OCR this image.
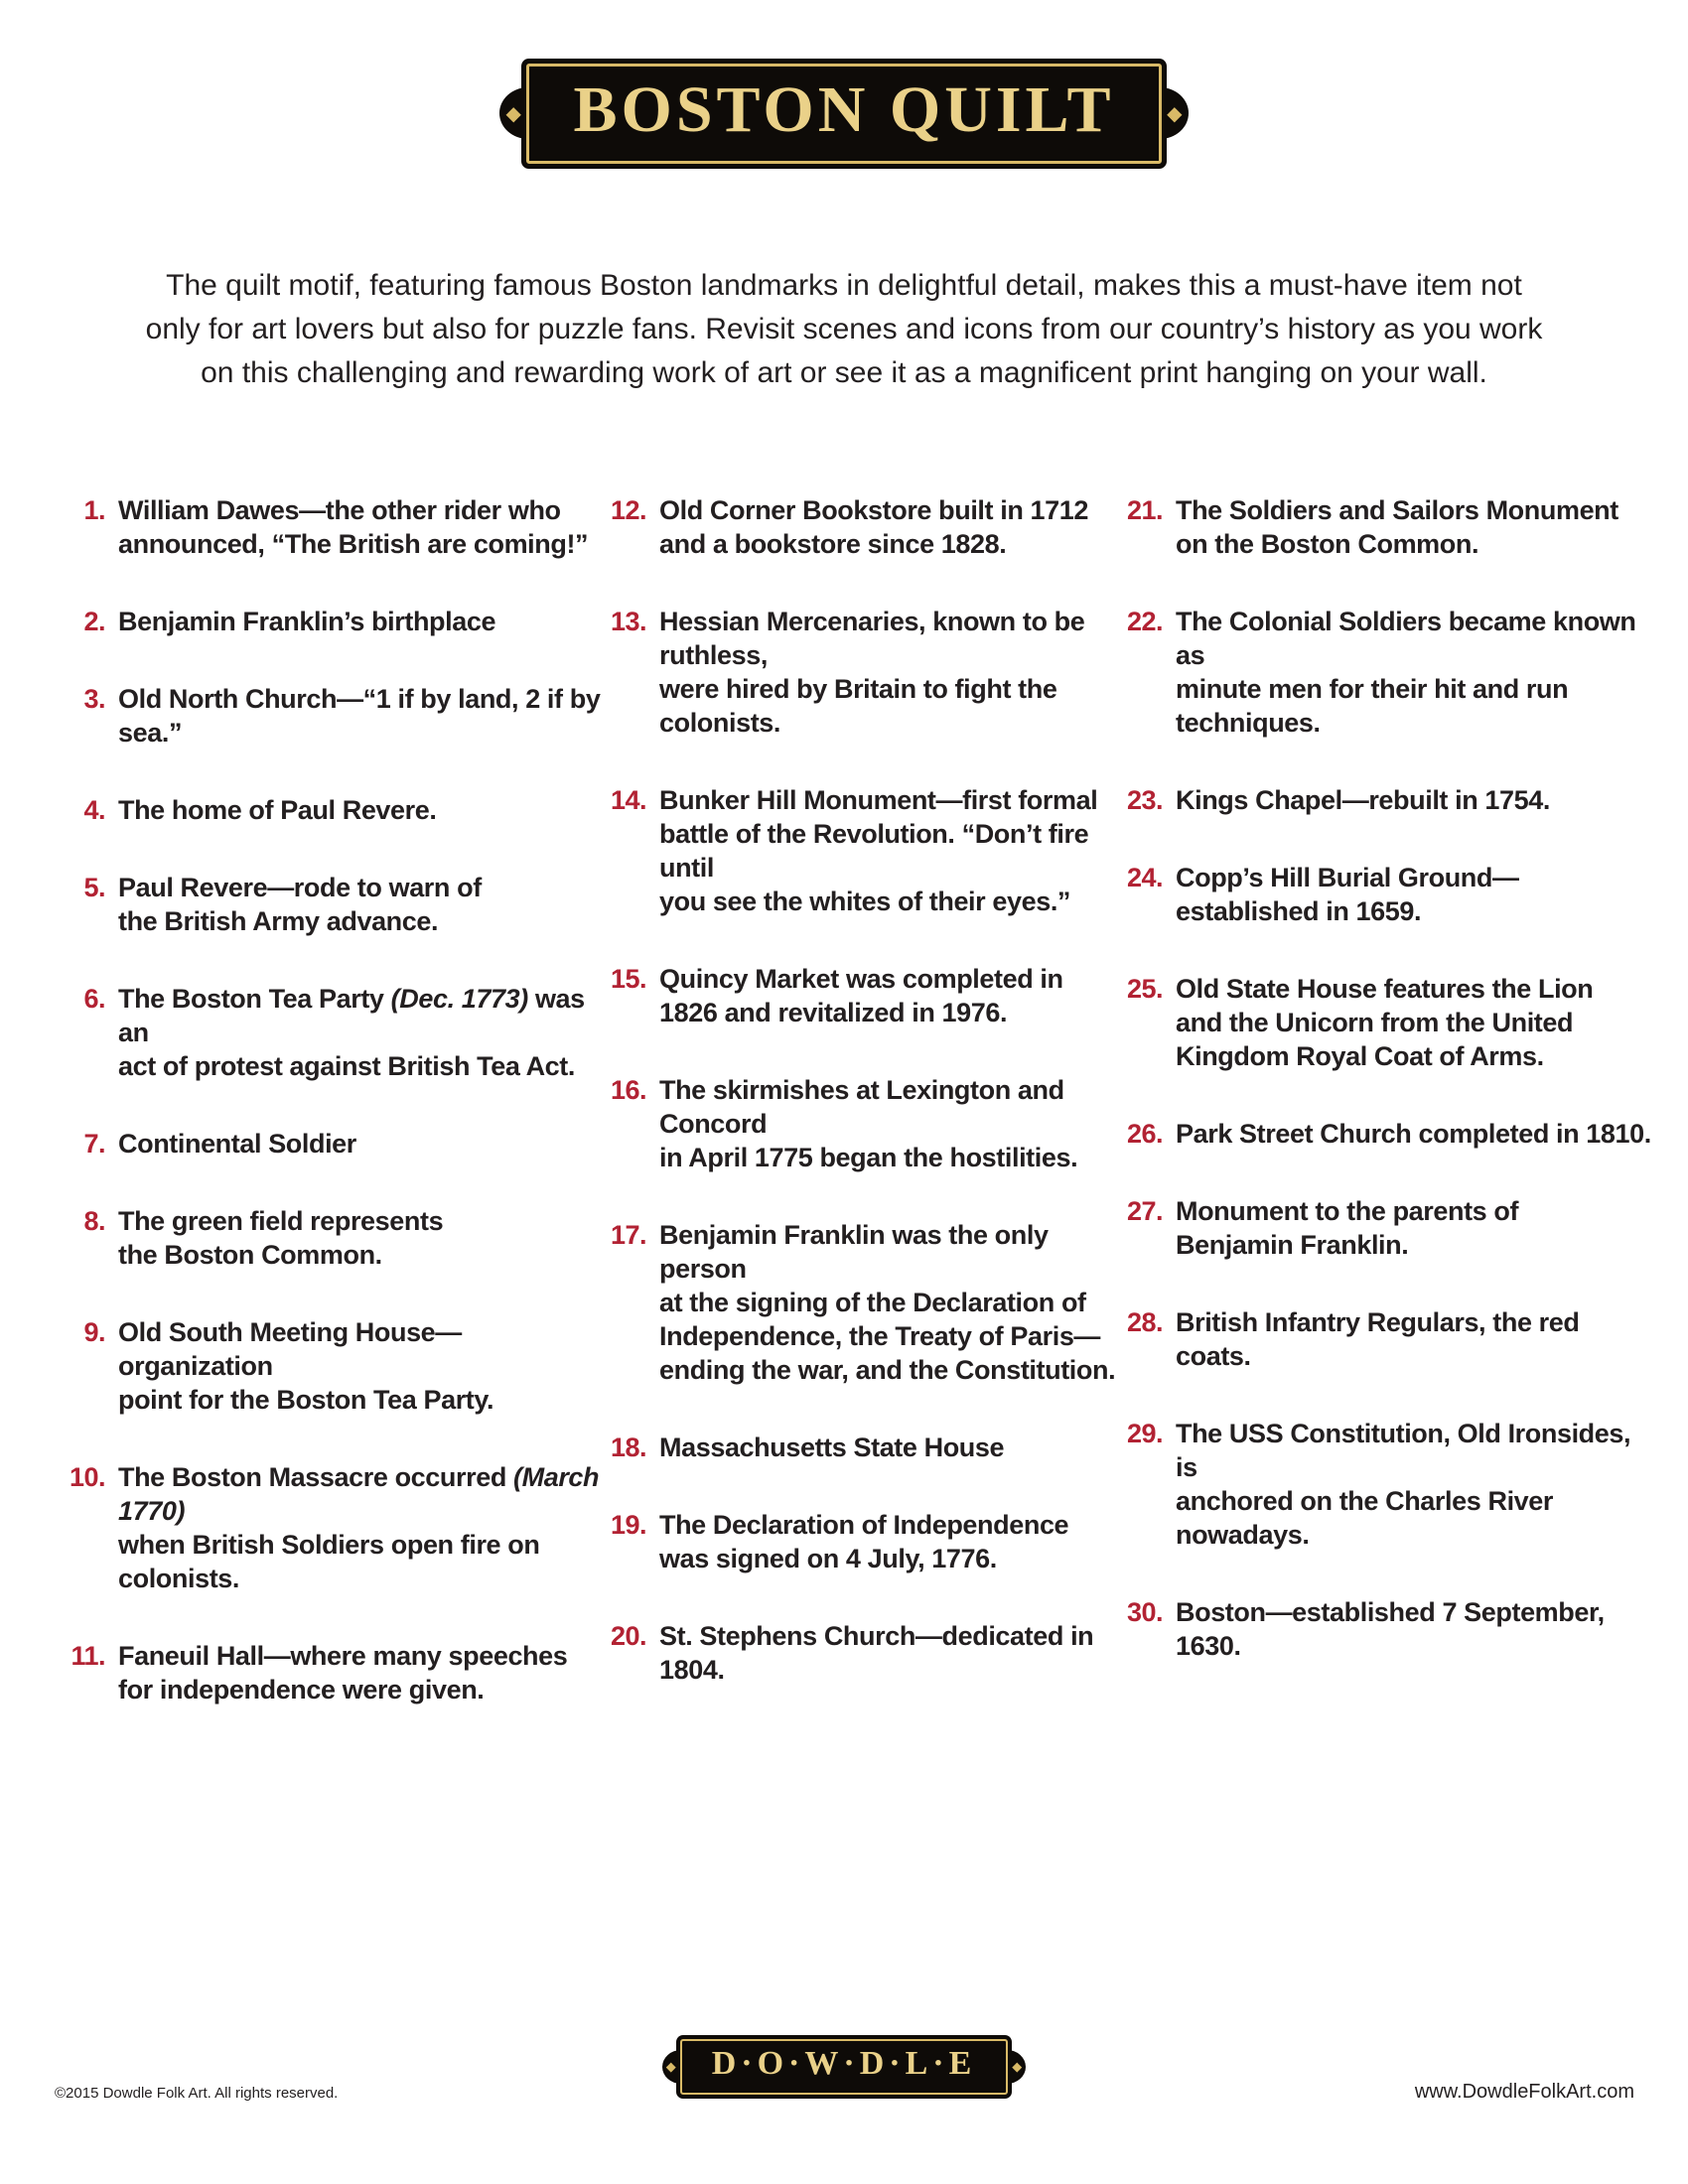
◆	◆
BOSTON QUILT
The quilt motif, featuring famous Boston landmarks in delightful detail, makes this a must-have item not
only for art lovers but also for puzzle fans. Revisit scenes and icons from our country’s history as you work
on this challenging and rewarding work of art or see it as a magnificent print hanging on your wall.
1. William Dawes—the other rider who
announced, “The British are coming!”
2. Benjamin Franklin’s birthplace
3. Old North Church—“1 if by land, 2 if by sea.”
4. The home of Paul Revere.
5. Paul Revere—rode to warn of
the British Army advance.
6. The Boston Tea Party (Dec. 1773) was an
act of protest against British Tea Act.
7. Continental Soldier
8. The green field represents
the Boston Common.
9. Old South Meeting House—organization
point for the Boston Tea Party.
10. The Boston Massacre occurred (March 1770)
when British Soldiers open fire on colonists.
11. Faneuil Hall—where many speeches
for independence were given.
12. Old Corner Bookstore built in 1712
and a bookstore since 1828.
13. Hessian Mercenaries, known to be ruthless,
were hired by Britain to fight the colonists.
14. Bunker Hill Monument—first formal
battle of the Revolution. “Don’t fire until
you see the whites of their eyes.”
15. Quincy Market was completed in
1826 and revitalized in 1976.
16. The skirmishes at Lexington and Concord
in April 1775 began the hostilities.
17. Benjamin Franklin was the only person
at the signing of the Declaration of
Independence, the Treaty of Paris—
ending the war, and the Constitution.
18. Massachusetts State House
19. The Declaration of Independence
was signed on 4 July, 1776.
20. St. Stephens Church—dedicated in 1804.
21. The Soldiers and Sailors Monument
on the Boston Common.
22. The Colonial Soldiers became known as
minute men for their hit and run techniques.
23. Kings Chapel—rebuilt in 1754.
24. Copp’s Hill Burial Ground—
established in 1659.
25. Old State House features the Lion
and the Unicorn from the United
Kingdom Royal Coat of Arms.
26. Park Street Church completed in 1810.
27. Monument to the parents of
Benjamin Franklin.
28. British Infantry Regulars, the red coats.
29. The USS Constitution, Old Ironsides, is
anchored on the Charles River nowadays.
30. Boston—established 7 September, 1630.
◆	◆
D·O·W·D·L·E
©2015 Dowdle Folk Art. All rights reserved.	www.DowdleFolkArt.com
